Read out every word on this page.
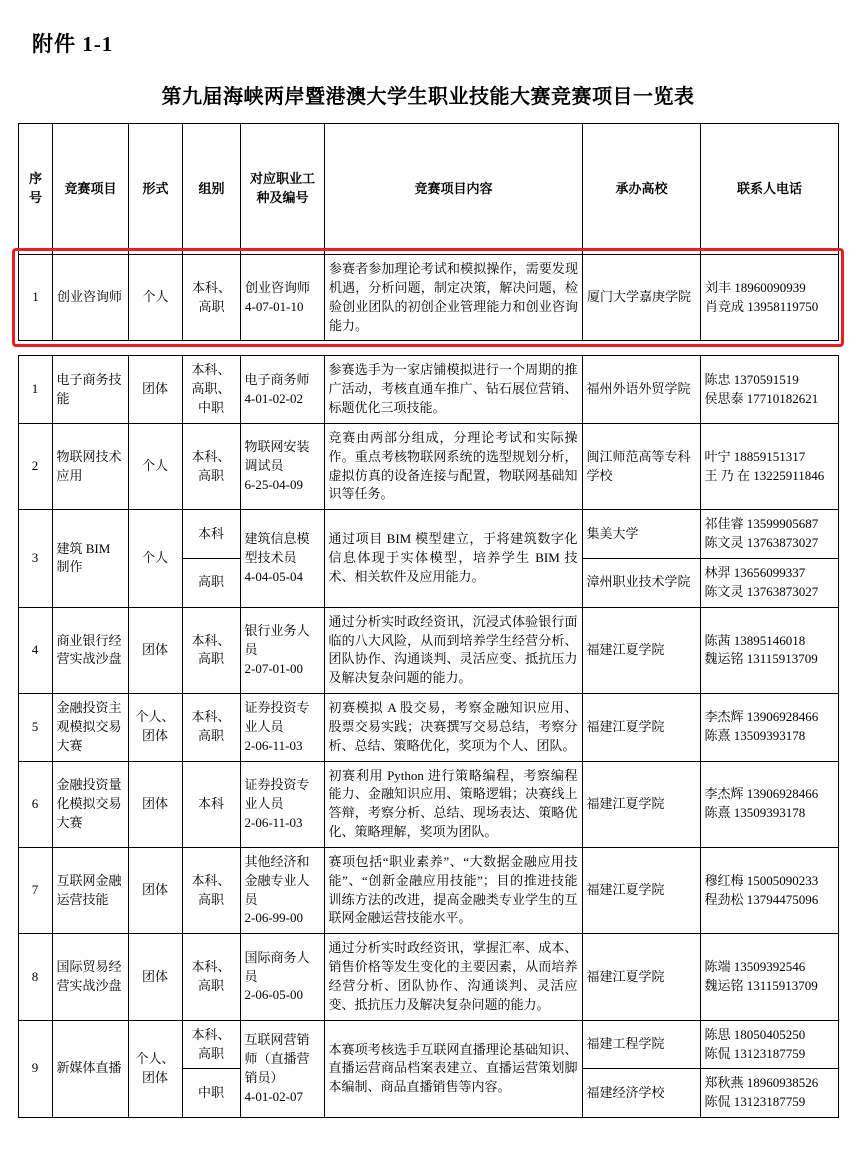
附件 1-1
第九届海峡两岸暨港澳大学生职业技能大赛竞赛项目一览表
序号	竞赛项目	形式	组别	对应职业工种及编号	竞赛项目内容	承办高校	联系人电话
1	创业咨询师	个人	本科、高职	
创业咨询师
4-07-01-10
	参赛者参加理论考试和模拟操作，需要发现机遇，分析问题，制定决策，解决问题，检验创业团队的初创企业管理能力和创业咨询能力。	厦门大学嘉庚学院	
刘丰 18960090939
肖竞成 13958119750
1	电子商务技能	团体	本科、高职、中职	电子商务师
4-01-02-02	参赛选手为一家店铺模拟进行一个周期的推广活动，考核直通车推广、钻石展位营销、标题优化三项技能。	福州外语外贸学院	陈忠 1370591519
侯思泰 17710182621

2	物联网技术应用	个人	本科、高职	物联网安装调试员
6-25-04-09	竞赛由两部分组成，分理论考试和实际操作。重点考核物联网系统的选型规划分析，虚拟仿真的设备连接与配置，物联网基础知识等任务。	闽江师范高等专科学校	叶宁 18859151317
王 乃 在 13225911846

3	建筑 BIM 制作	个人	本科	建筑信息模型技术员
4-04-05-04	通过项目 BIM 模型建立，于将建筑数字化信息体现于实体模型，培养学生 BIM 技术、相关软件及应用能力。	集美大学	祁佳睿 13599905687
陈文灵 13763873027

			高职			漳州职业技术学院	林羿 13656099337
陈文灵 13763873027

4	商业银行经营实战沙盘	团体	本科、高职	银行业务人员
2-07-01-00	通过分析实时政经资讯，沉浸式体验银行面临的八大风险，从而到培养学生经营分析、团队协作、沟通谈判、灵活应变、抵抗压力及解决复杂问题的能力。	福建江夏学院	陈茜 13895146018
魏运铭 13115913709

5	金融投资主观模拟交易大赛	个人、团体	本科、高职	证券投资专业人员
2-06-11-03	初赛模拟 A 股交易，考察金融知识应用、股票交易实践；决赛撰写交易总结，考察分析、总结、策略优化，奖项为个人、团队。	福建江夏学院	李杰辉 13906928466
陈熹 13509393178

6	金融投资量化模拟交易大赛	团体	本科	证券投资专业人员
2-06-11-03	初赛利用 Python 进行策略编程，考察编程能力、金融知识应用、策略逻辑；决赛线上答辩，考察分析、总结、现场表达、策略优化、策略理解，奖项为团队。	福建江夏学院	李杰辉 13906928466
陈熹 13509393178

7	互联网金融运营技能	团体	本科、高职	其他经济和金融专业人员
2-06-99-00	赛项包括“职业素养”、“大数据金融应用技能”、“创新金融应用技能”；目的推进技能训练方法的改进，提高金融类专业学生的互联网金融运营技能水平。	福建江夏学院	穆红梅 15005090233
程劲松 13794475096

8	国际贸易经营实战沙盘	团体	本科、高职	国际商务人员
2-06-05-00	通过分析实时政经资讯，掌握汇率、成本、销售价格等发生变化的主要因素，从而培养经营分析、团队协作、沟通谈判、灵活应变、抵抗压力及解决复杂问题的能力。	福建江夏学院	陈端 13509392546
魏运铭 13115913709

9	新媒体直播	个人、团体	本科、高职	互联网营销师（直播营销员）
4-01-02-07	本赛项考核选手互联网直播理论基础知识、直播运营商品档案表建立、直播运营策划脚本编制、商品直播销售等内容。	福建工程学院	陈思 18050405250
陈侃 13123187759

			中职			福建经济学校	郑秋燕 18960938526
陈侃 13123187759
